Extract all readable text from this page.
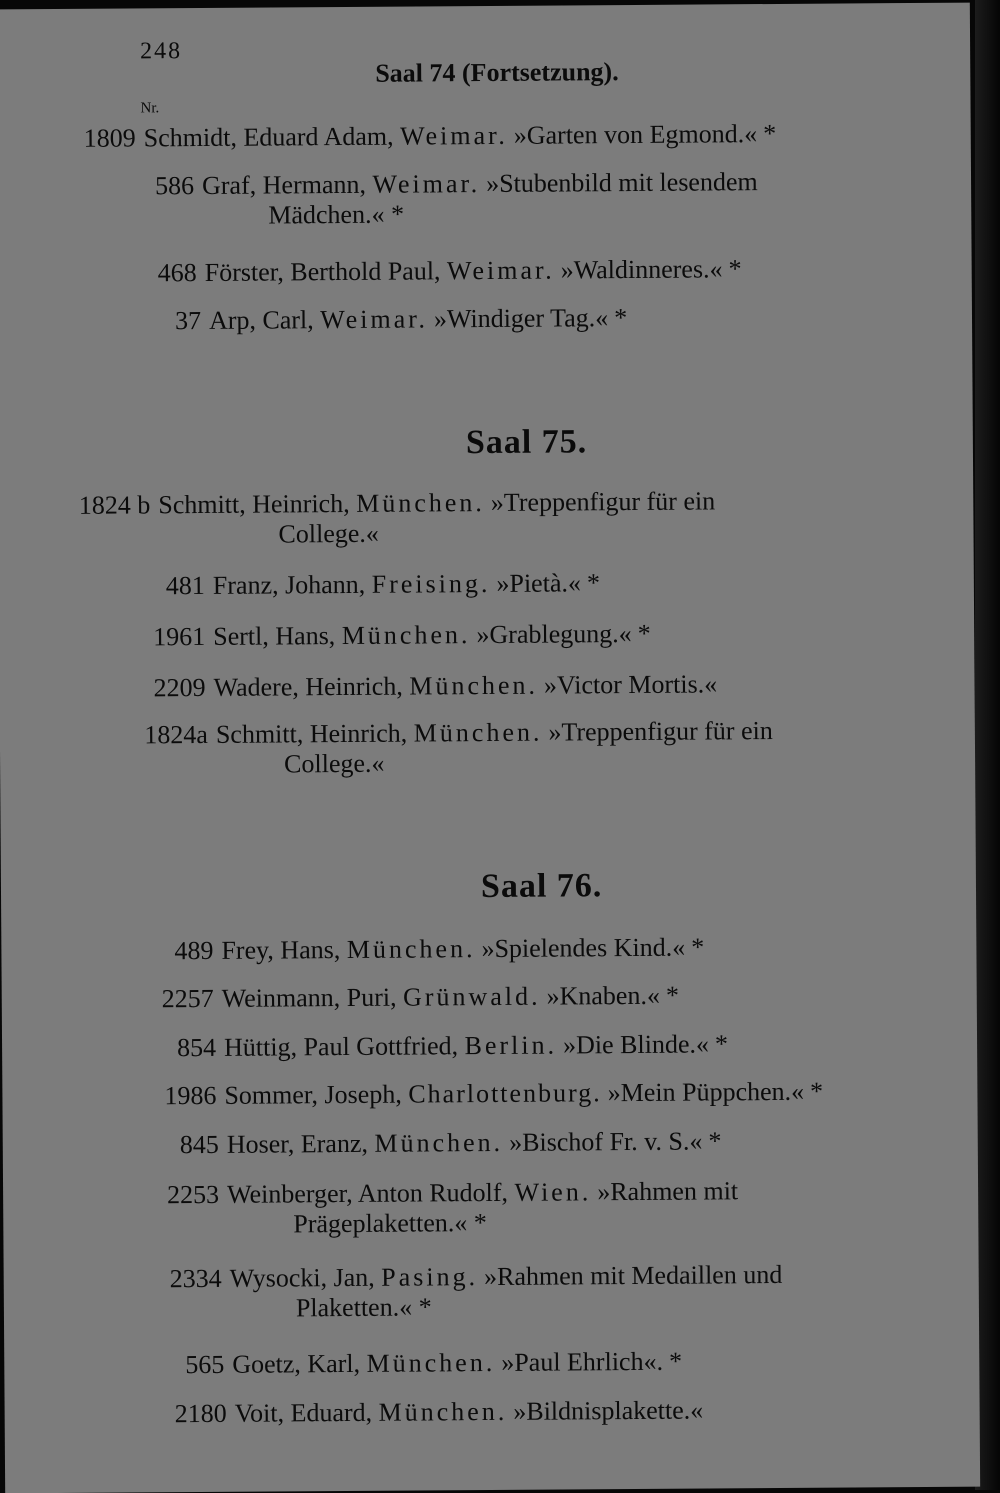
248
Saal 74 (Fortsetzung).
Nr.
1809 Schmidt, Eduard Adam, Weimar. »Garten von Egmond.« *
586 Graf, Hermann, Weimar. »Stubenbild mit lesendem
Mädchen.« *
468 Förster, Berthold Paul, Weimar. »Waldinneres.« *
37 Arp, Carl, Weimar. »Windiger Tag.« *
Saal 75.
1824 b Schmitt, Heinrich, München. »Treppenfigur für ein
College.«
481 Franz, Johann, Freising. »Pietà.« *
1961 Sertl, Hans, München. »Grablegung.« *
2209 Wadere, Heinrich, München. »Victor Mortis.«
1824a Schmitt, Heinrich, München. »Treppenfigur für ein
College.«
Saal 76.
489 Frey, Hans, München. »Spielendes Kind.« *
2257 Weinmann, Puri, Grünwald. »Knaben.« *
854 Hüttig, Paul Gottfried, Berlin. »Die Blinde.« *
1986 Sommer, Joseph, Charlottenburg. »Mein Püppchen.« *
845 Hoser, Eranz, München. »Bischof Fr. v. S.« *
2253 Weinberger, Anton Rudolf, Wien. »Rahmen mit
Prägeplaketten.« *
2334 Wysocki, Jan, Pasing. »Rahmen mit Medaillen und
Plaketten.« *
565 Goetz, Karl, München. »Paul Ehrlich«. *
2180 Voit, Eduard, München. »Bildnisplakette.«
